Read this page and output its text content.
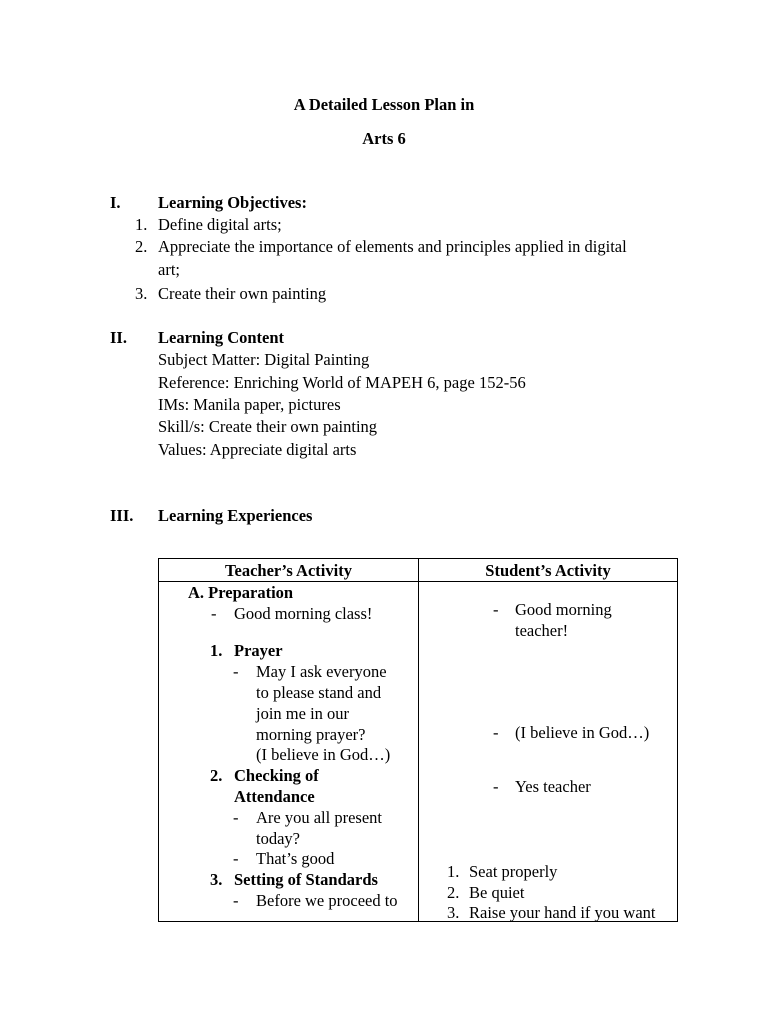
A Detailed Lesson Plan in
Arts 6
I. Learning Objectives:
1. Define digital arts;
2. Appreciate the importance of elements and principles applied in digital
art;
3. Create their own painting
II. Learning Content
Subject Matter: Digital Painting
Reference: Enriching World of MAPEH 6, page 152-56
IMs: Manila paper, pictures
Skill/s: Create their own painting
Values: Appreciate digital arts
III. Learning Experiences
Teacher’s Activity	Student’s Activity
A. Preparation
- Good morning class!
1. Prayer
- May I ask everyone
to please stand and
join me in our
morning prayer?
(I believe in God…)
2. Checking of
Attendance
- Are you all present
today?
- That’s good
3. Setting of Standards
- Before we proceed to
- Good morning
teacher!
- (I believe in God…)
- Yes teacher
1. Seat properly
2. Be quiet
3. Raise your hand if you want
